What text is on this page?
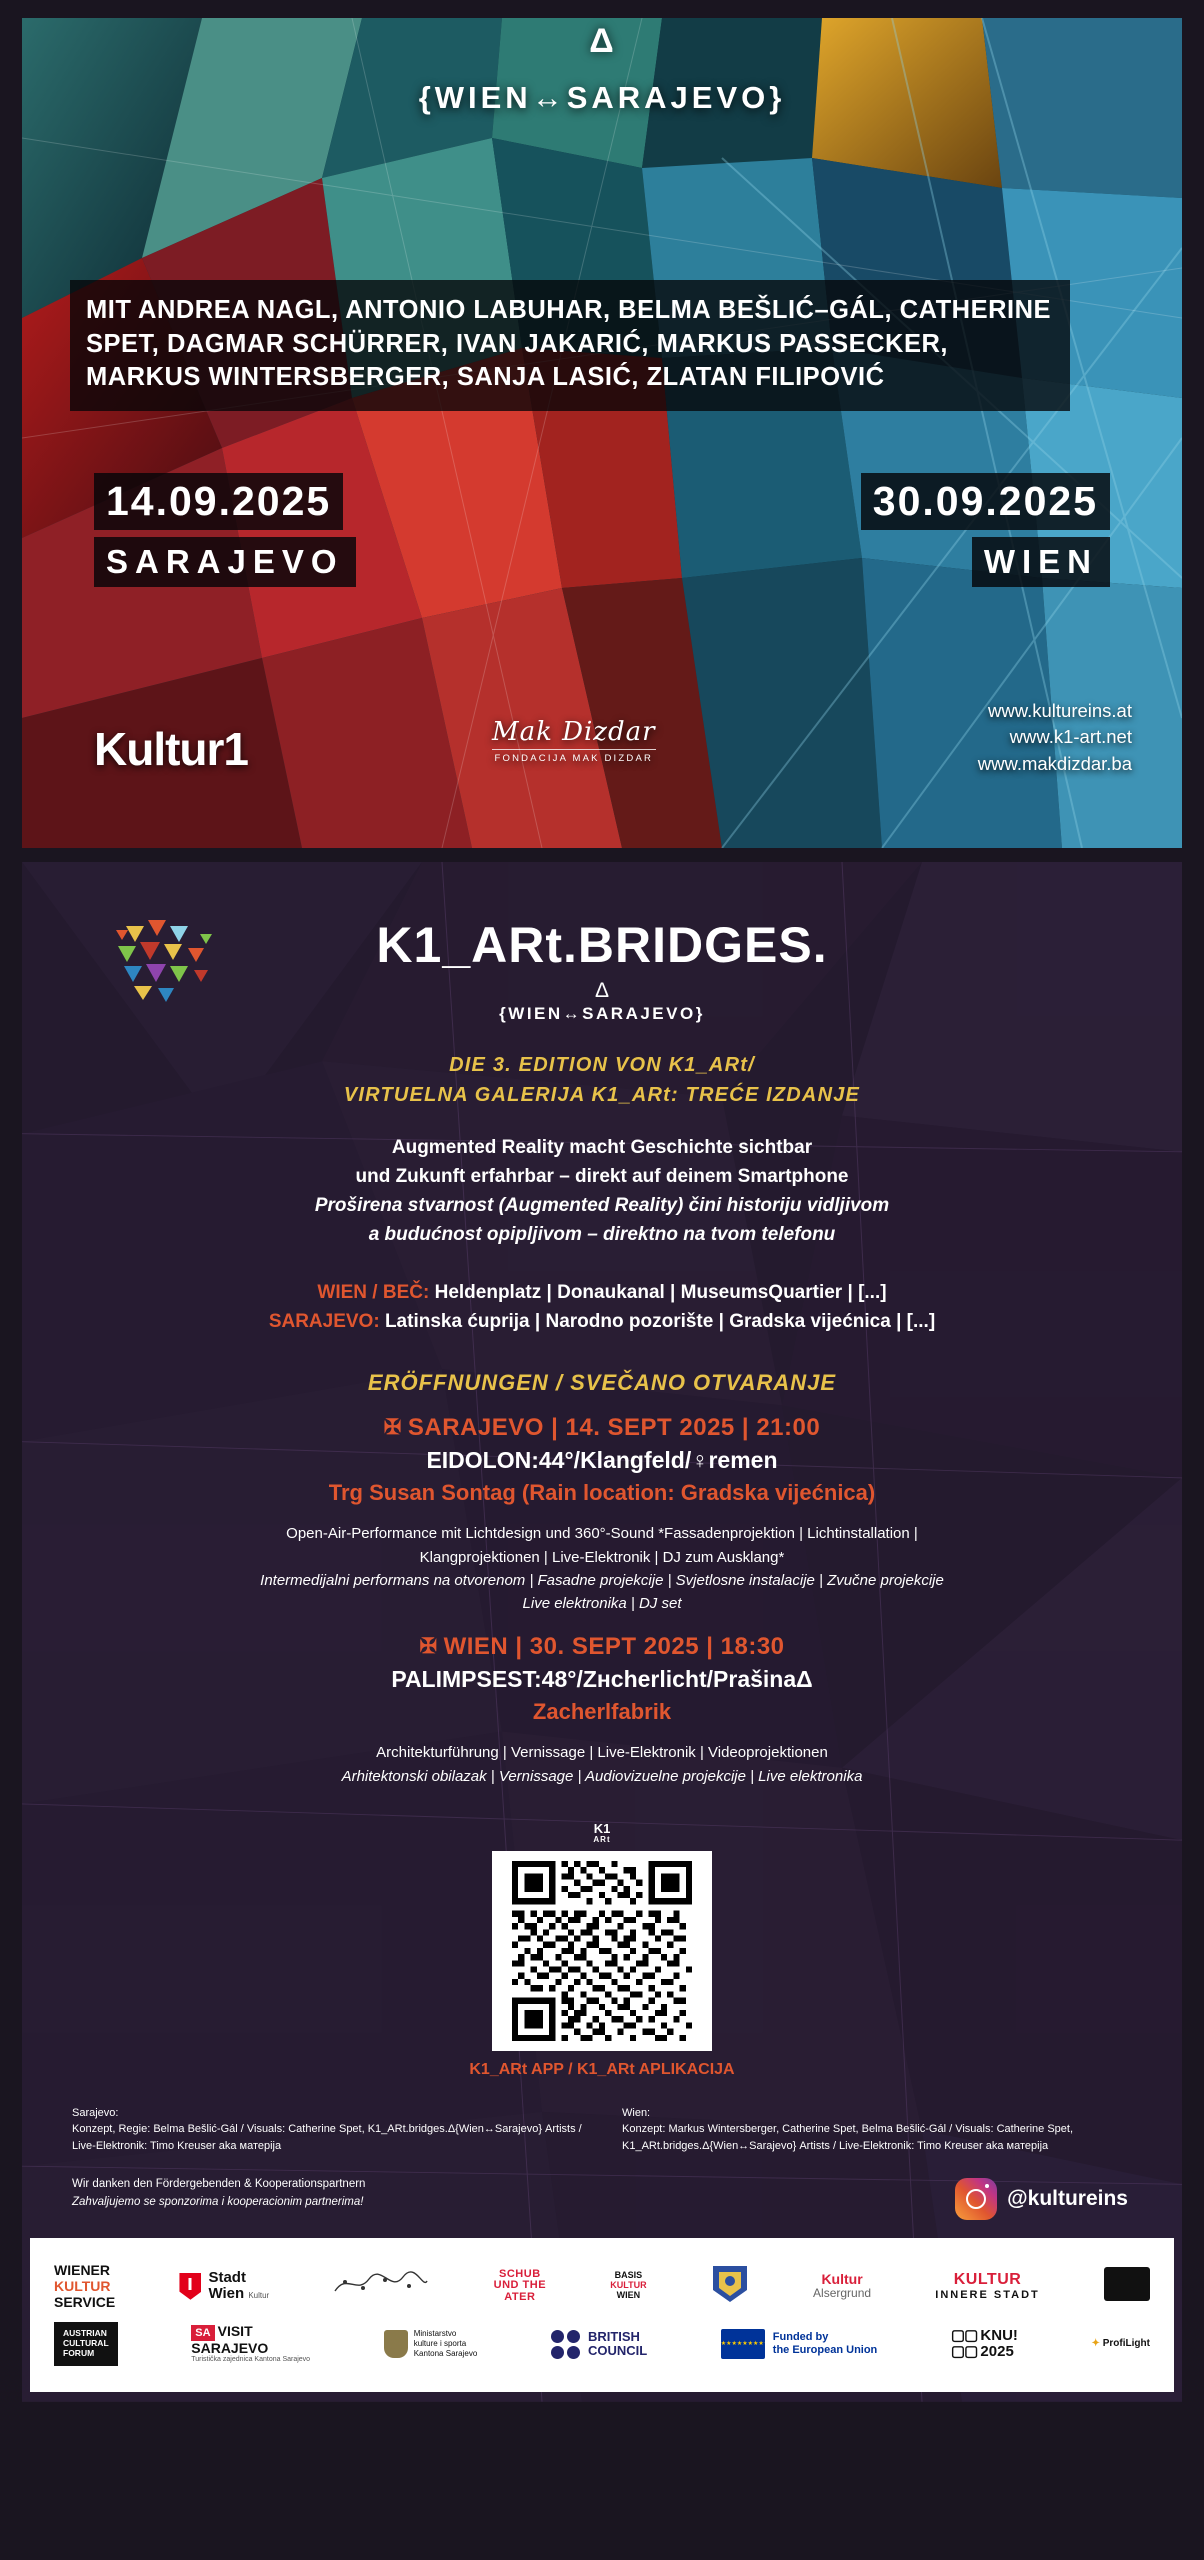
Δ
{WIEN↔SARAJEVO}
MIT ANDREA NAGL, ANTONIO LABUHAR, BELMA BEŠLIĆ–GÁL, CATHERINE SPET, DAGMAR SCHÜRRER, IVAN JAKARIĆ, MARKUS PASSECKER, MARKUS WINTERSBERGER, SANJA LASIĆ, ZLATAN FILIPOVIĆ
14.09.2025
SARAJEVO
30.09.2025
WIEN
Kultur1	Mak Dizdar
FONDACIJA MAK DIZDAR
www.kultureins.at
www.k1-art.net
www.makdizdar.ba
K1_ARt.BRIDGES.
Δ
{WIEN↔SARAJEVO}
DIE 3. EDITION VON K1_ARt/
VIRTUELNA GALERIJA K1_ARt: TREĆE IZDANJE
Augmented Reality macht Geschichte sichtbar
und Zukunft erfahrbar – direkt auf deinem Smartphone
Proširena stvarnost (Augmented Reality) čini historiju vidljivom
a budućnost opipljivom – direktno na tvom telefonu
WIEN / BEČ: Heldenplatz | Donaukanal | MuseumsQuartier | [...]
SARAJEVO: Latinska ćuprija | Narodno pozorište | Gradska vijećnica | [...]
ERÖFFNUNGEN / SVEČANO OTVARANJE
✠ SARAJEVO | 14. SEPT 2025 | 21:00
EIDOLON:44°/Klangfeld/♀remen
Trg Susan Sontag (Rain location: Gradska vijećnica)
Open-Air-Performance mit Lichtdesign und 360°-Sound *Fassadenprojektion | Lichtinstallation |
Klangprojektionen | Live-Elektronik | DJ zum Ausklang*
Intermedijalni performans na otvorenom | Fasadne projekcije | Svjetlosne instalacije | Zvučne projekcije
Live elektronika | DJ set
✠ WIEN | 30. SEPT 2025 | 18:30
PALIMPSEST:48°/Zнcherlicht/PrašinaΔ
Zacherlfabrik
Architekturführung | Vernissage | Live-Elektronik | Videoprojektionen
Arhitektonski obilazak | Vernissage | Audiovizuelne projekcije | Live elektronika
K1
ARt
K1_ARt APP / K1_ARt APLIKACIJA
Sarajevo:
Konzept, Regie: Belma Bešlić-Gál / Visuals: Catherine Spet, K1_ARt.bridges.Δ{Wien↔Sarajevo} Artists / Live-Elektronik: Timo Kreuser aka матерija
Wien:
Konzept: Markus Wintersberger, Catherine Spet, Belma Bešlić-Gál / Visuals: Catherine Spet, K1_ARt.bridges.Δ{Wien↔Sarajevo} Artists / Live-Elektronik: Timo Kreuser aka матерija
Wir danken den Fördergebenden & Kooperationspartnern
Zahvaljujemo se sponzorima i kooperacionim partnerima!	@kultureins
WIENER
KULTUR
SERVICE
Stadt
Wien Kultur
SCHUB
UND THE
ATER
BASIS
KULTUR
WIEN
Kultur
Alsergrund
KULTUR
INNERE STADT
AUSTRIAN
CULTURAL
FORUM
SA VISIT
SARAJEVO
Turistička zajednica Kantona Sarajevo
Ministarstvo
kulture i sporta
Kantona Sarajevo
BRITISH
COUNCIL
★★★★★★★★★★★★
Funded by
the European Union
▢▢ KNU!
▢▢ 2025	✦ ProfiLight
